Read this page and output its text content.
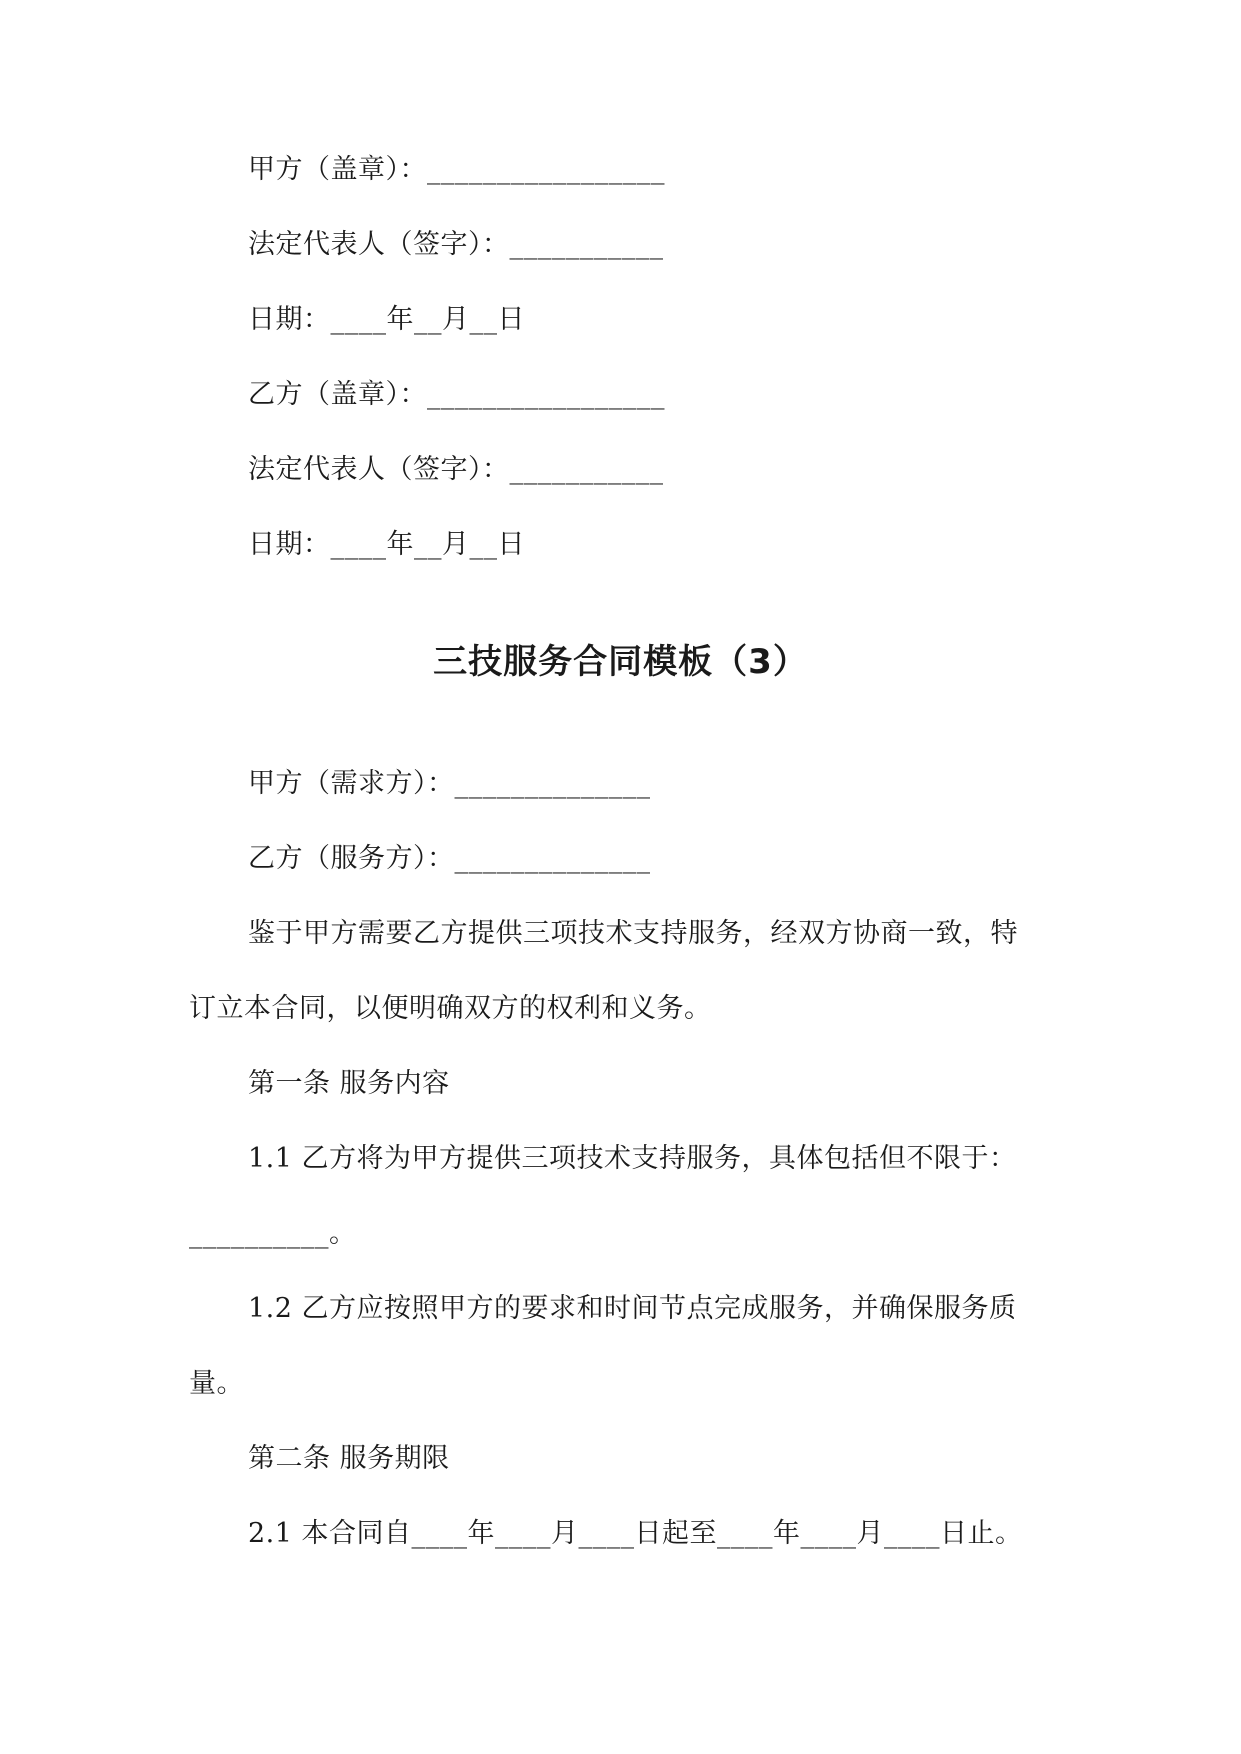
甲方（盖章）：_________________
法定代表人（签字）：___________
日期：____年__月__日
乙方（盖章）：_________________
法定代表人（签字）：___________
日期：____年__月__日
三技服务合同模板（3）
甲方（需求方）：______________
乙方（服务方）：______________
鉴于甲方需要乙方提供三项技术支持服务，经双方协商一致，特
订立本合同，以便明确双方的权利和义务。
第一条 服务内容
1.1 乙方将为甲方提供三项技术支持服务，具体包括但不限于：
__________。
1.2 乙方应按照甲方的要求和时间节点完成服务，并确保服务质
量。
第二条 服务期限
2.1 本合同自____年____月____日起至____年____月____日止。
